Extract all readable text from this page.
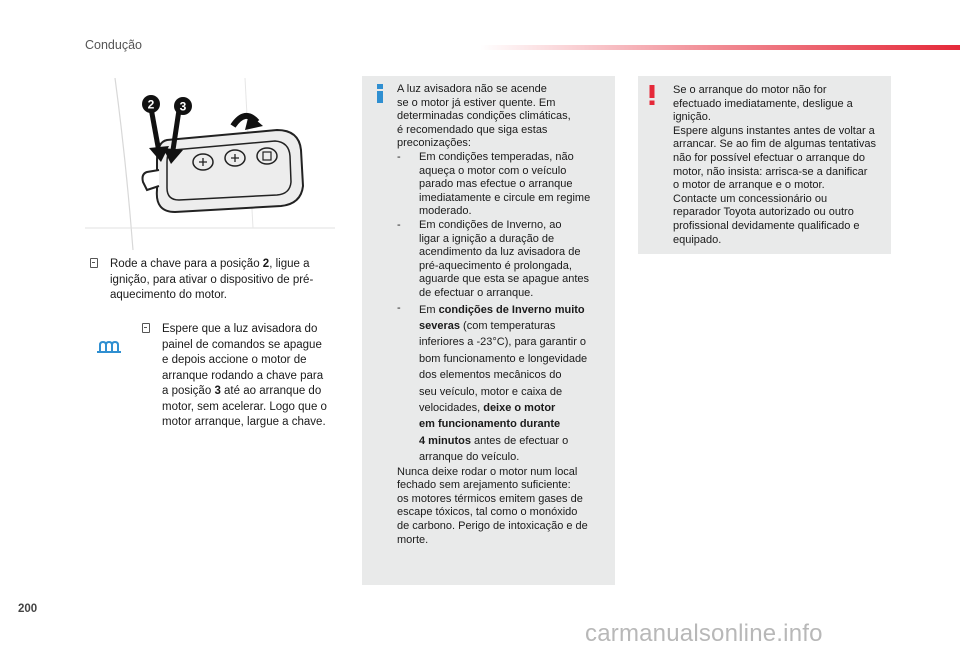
Condução
2 3
Rode a chave para a posição 2, ligue a
ignição, para ativar o dispositivo de pré-
aquecimento do motor.
Espere que a luz avisadora do
painel de comandos se apague
e depois accione o motor de
arranque rodando a chave para
a posição 3 até ao arranque do
motor, sem acelerar. Logo que o
motor arranque, largue a chave.
A luz avisadora não se acende
se o motor já estiver quente. Em
determinadas condições climáticas,
é recomendado que siga estas
preconizações:
- Em condições temperadas, não
aqueça o motor com o veículo
parado mas efectue o arranque
imediatamente e circule em regime
moderado.
- Em condições de Inverno, ao
ligar a ignição a duração de
acendimento da luz avisadora de
pré-aquecimento é prolongada,
aguarde que esta se apague antes
de efectuar o arranque.
- Em condições de Inverno muito
severas (com temperaturas
inferiores a -23°C), para garantir o
bom funcionamento e longevidade
dos elementos mecânicos do
seu veículo, motor e caixa de
velocidades, deixe o motor
em funcionamento durante
4 minutos antes de efectuar o
arranque do veículo.
Nunca deixe rodar o motor num local
fechado sem arejamento suficiente:
os motores térmicos emitem gases de
escape tóxicos, tal como o monóxido
de carbono. Perigo de intoxicação e de
morte.
Se o arranque do motor não for
efectuado imediatamente, desligue a
ignição.
Espere alguns instantes antes de voltar a
arrancar. Se ao fim de algumas tentativas
não for possível efectuar o arranque do
motor, não insista: arrisca-se a danificar
o motor de arranque e o motor.
Contacte um concessionário ou
reparador Toyota autorizado ou outro
profissional devidamente qualificado e
equipado.
200
carmanualsonline.info
